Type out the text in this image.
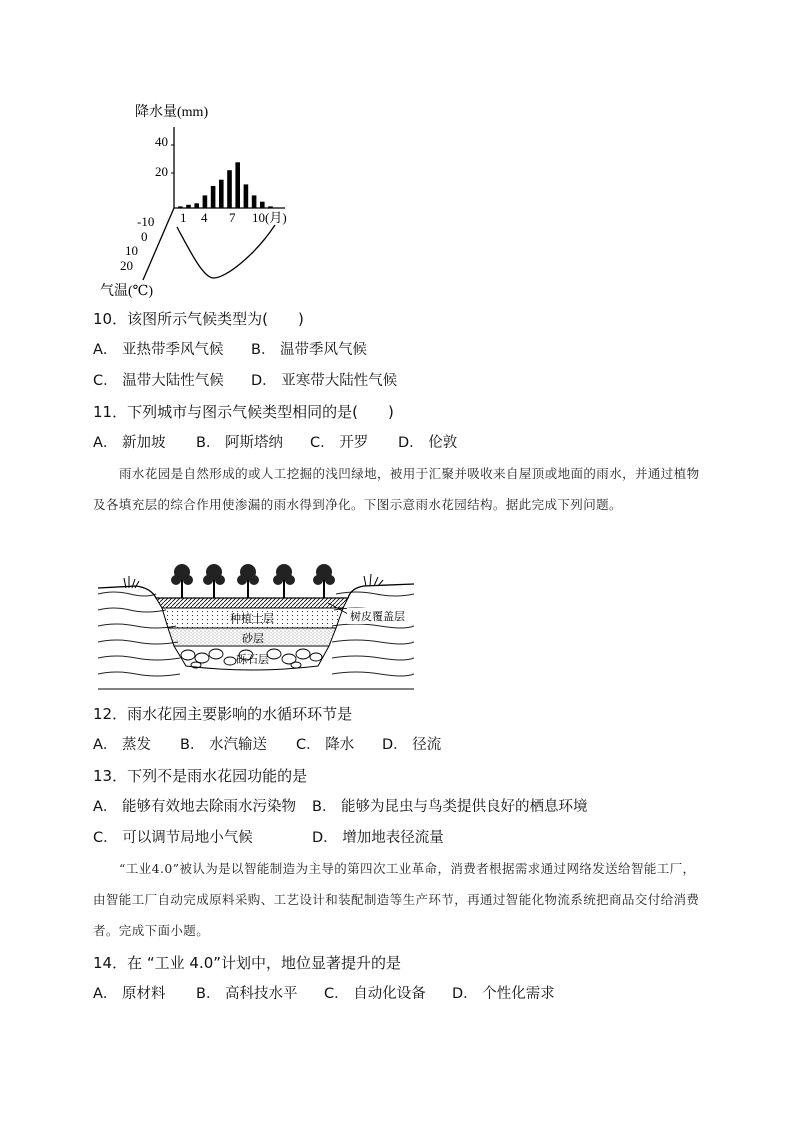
降水量(mm)
40
20
1 4 7 10(月)
-10
0
10
20
气温(℃)
10．该图所示气候类型为(　　)
A． 亚热带季风气候 B． 温带季风气候
C． 温带大陆性气候 D． 亚寒带大陆性气候
11．下列城市与图示气候类型相同的是(　　)
A． 新加坡 B． 阿斯塔纳 C． 开罗 D． 伦敦
雨水花园是自然形成的或人工挖掘的浅凹绿地，被用于汇聚并吸收来自屋顶或地面的雨水，并通过植物及各填充层的综合作用使渗漏的雨水得到净化。下图示意雨水花园结构。据此完成下列问题。
种植土层
砂层
砾石层
树皮覆盖层
12．雨水花园主要影响的水循环环节是
A． 蒸发 B． 水汽输送 C． 降水 D． 径流
13．下列不是雨水花园功能的是
A． 能够有效地去除雨水污染物 B． 能够为昆虫与鸟类提供良好的栖息环境
C． 可以调节局地小气候	D． 增加地表径流量
“工业4.0”被认为是以智能制造为主导的第四次工业革命，消费者根据需求通过网络发送给智能工厂，由智能工厂自动完成原料采购、工艺设计和装配制造等生产环节，再通过智能化物流系统把商品交付给消费者。完成下面小题。
14．在 “工业 4.0”计划中，地位显著提升的是
A． 原材料 B． 高科技水平 C． 自动化设备 D． 个性化需求
